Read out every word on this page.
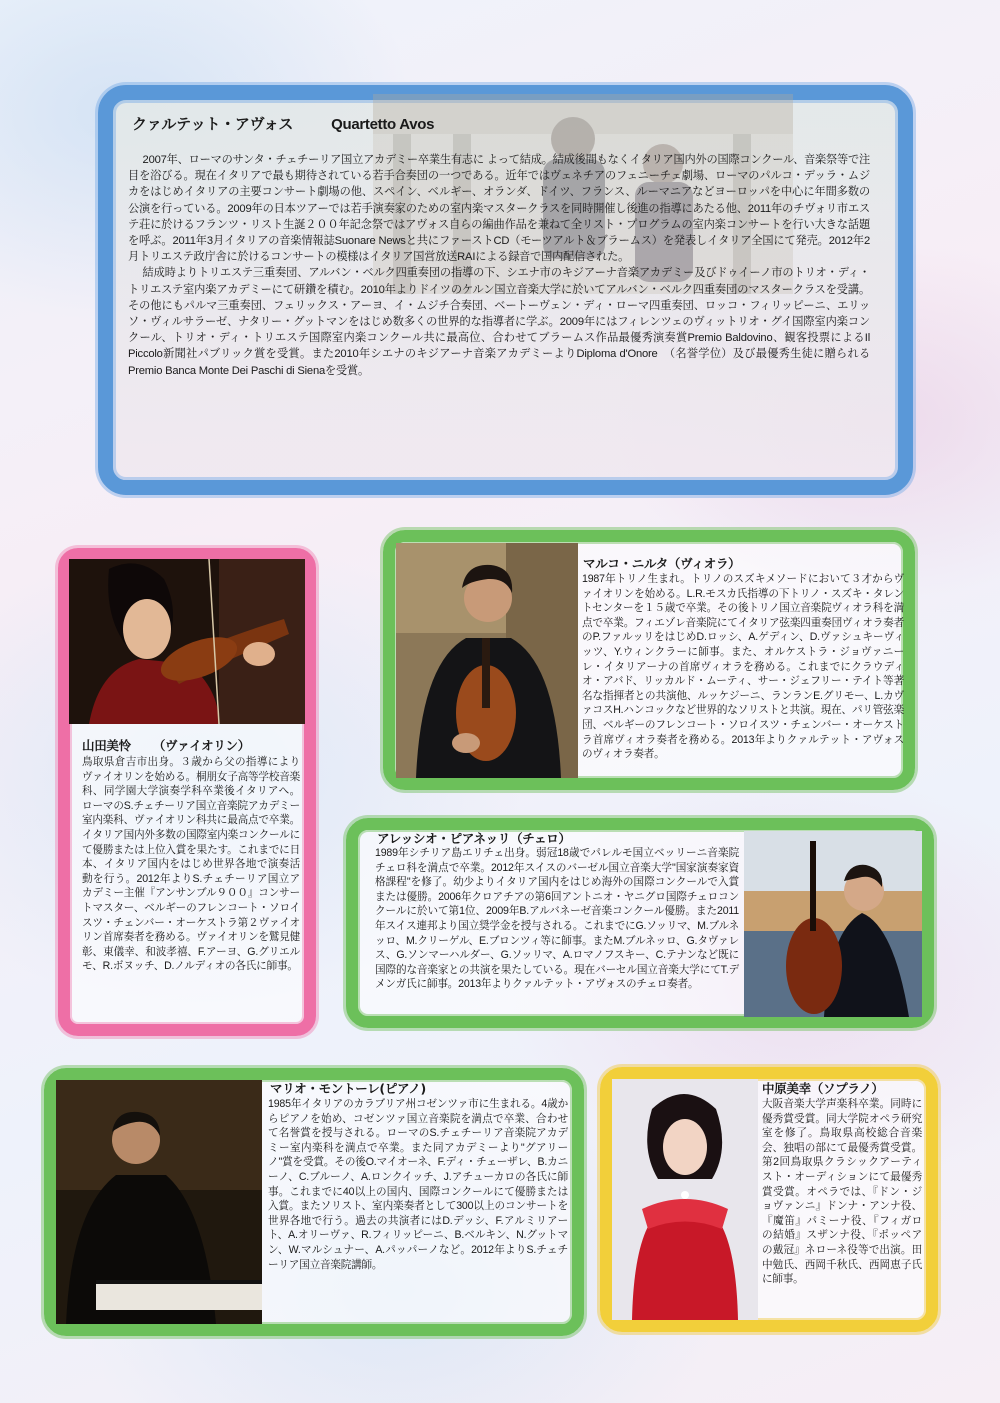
クァルテット・アヴォス	Quartetto Avos

2007年、ローマのサンタ・チェチーリア国立アカデミー卒業生有志に よって結成。結成後間もなくイタリア国内外の国際コンクール、音楽祭等で注目を浴びる。現在イタリアで最も期待されている若手合奏団の一つである。近年ではヴェネチアのフェニーチェ劇場、ローマのパルコ・デッラ・ムジカをはじめイタリアの主要コンサート劇場の他、スペイン、ベルギー、オランダ、ドイツ、フランス、ルーマニアなどヨーロッパを中心に年間多数の公演を行っている。2009年の日本ツアーでは若手演奏家のための室内楽マスタークラスを同時開催し後進の指導にあたる他、2011年のチヴォリ市エステ荘に於けるフランツ・リスト生誕２００年記念祭ではアヴォス自らの編曲作品を兼ねて全リスト・プログラムの室内楽コンサートを行い大きな話題を呼ぶ。2011年3月イタリアの音楽情報誌Suonare Newsと共にファーストCD（モーツアルト＆ブラームス）を発表しイタリア全国にて発売。2012年2月トリエステ政庁舎に於けるコンサートの模様はイタリア国営放送RAIによる録音で国内配信された。

結成時よりトリエステ三重奏団、アルバン・ベルク四重奏団の指導の下、シエナ市のキジアーナ音楽アカデミー及びドゥイーノ市のトリオ・ディ・トリエステ室内楽アカデミーにて研鑽を積む。2010年よりドイツのケルン国立音楽大学に於いてアルバン・ベルク四重奏団のマスタークラスを受講。その他にもパルマ三重奏団、フェリックス・アーヨ、イ・ムジチ合奏団、ベートーヴェン・ディ・ローマ四重奏団、ロッコ・フィリッピーニ、エリッソ・ヴィルサラーゼ、ナタリー・グットマンをはじめ数多くの世界的な指導者に学ぶ。2009年にはフィレンツェのヴィットリオ・グイ国際室内楽コンクール、トリオ・ディ・トリエステ国際室内楽コンクール共に最高位、合わせてブラームス作品最優秀演奏賞Premio Baldovino、観客投票によるIl Piccolo新聞社パブリック賞を受賞。また2010年シエナのキジアーナ音楽アカデミーよりDiploma d'Onore　（名誉学位）及び最優秀生徒に贈られるPremio Banca Monte Dei Paschi di Sienaを受賞。

山田美怜 （ヴァイオリン）
鳥取県倉吉市出身。３歳から父の指導によりヴァイオリンを始める。桐朋女子高等学校音楽科、同学園大学演奏学科卒業後イタリアへ。ローマのS.チェチーリア国立音楽院アカデミー室内楽科、ヴァイオリン科共に最高点で卒業。イタリア国内外多数の国際室内楽コンクールにて優勝または上位入賞を果たす。これまでに日本、イタリア国内をはじめ世界各地で演奏活動を行う。2012年よりS.チェチーリア国立アカデミー主催『アンサンブル９００』コンサートマスター、ベルギーのフレンコート・ソロイスツ・チェンバー・オーケストラ第２ヴァイオリン首席奏者を務める。ヴァイオリンを鷲見健彰、東儀幸、和波孝禧、F.アーヨ、G.グリエルモ、R.ボヌッチ、D.ノルディオの各氏に師事。
マルコ・ニルタ（ヴィオラ）
1987年トリノ生まれ。トリノのスズキメソードにおいて３才からヴァイオリンを始める。L.R.モスカ氏指導の下トリノ・スズキ・タレントセンターを１５歳で卒業。その後トリノ国立音楽院ヴィオラ科を満点で卒業。フィエゾレ音楽院にてイタリア弦楽四重奏団ヴィオラ奏者のP.ファルッリをはじめD.ロッシ、A.ゲディン、D.ヴァシュキーヴィッツ、Y.ウィンクラーに師事。また、オルケストラ・ジョヴァニーレ・イタリアーナの首席ヴィオラを務める。これまでにクラウディオ・アバド、リッカルド・ムーティ、サー・ジェフリー・テイト等著名な指揮者との共演他、ルッケジーニ、ランランE.グリモー、L.カヴァコスH.ハンコックなど世界的なソリストと共演。現在、パリ管弦楽団、ベルギーのフレンコート・ソロイスツ・チェンバー・オーケストラ首席ヴィオラ奏者を務める。2013年よりクァルテット・アヴォスのヴィオラ奏者。
アレッシオ・ピアネッリ（チェロ）
1989年シチリア島エリチェ出身。弱冠18歳でパレルモ国立ベッリーニ音楽院チェロ科を満点で卒業。2012年スイスのバーゼル国立音楽大学"国家演奏家資格課程"を修了。幼少よりイタリア国内をはじめ海外の国際コンクールで入賞または優勝。2006年クロアチアの第6回アントニオ・ヤニグロ国際チェロコンクールに於いて第1位、2009年B.アルバネーゼ音楽コンクール優勝。また2011年スイス連邦より国立奨学金を授与される。これまでにG.ソッリマ、M.ブルネッロ、M.クリーゲル、E.ブロンツィ等に師事。またM.ブルネッロ、G.タヴァレス、G.ソンマーハルダー、G.ソッリマ、A.ロマノフスキー、C.テナンなど既に国際的な音楽家との共演を果たしている。現在バーセル国立音楽大学にてT.デメンガ氏に師事。2013年よりクァルテット・アヴォスのチェロ奏者。
マリオ・モントーレ(ピアノ)
1985年イタリアのカラブリア州コゼンツァ市に生まれる。4歳からピアノを始め、コゼンツァ国立音楽院を満点で卒業、合わせて名誉賞を授与される。ローマのS.チェチーリア音楽院アカデミー室内楽科を満点で卒業。また同アカデミーより"グアリーノ"賞を受賞。その後O.マイオーネ、F.ディ・チェーザレ、B.カニーノ、C.ブルーノ、A.ロンクイッチ、J.アチューカロの各氏に師事。これまでに40以上の国内、国際コンクールにて優勝または入賞。またソリスト、室内楽奏者として300以上のコンサートを世界各地で行う。過去の共演者にはD.デッシ、F.アルミリアート、A.オリーヴァ、R.フィリッピーニ、B.ベルキン、N.グットマン、W.マルシュナー、A.パッパーノなど。2012年よりS.チェチーリア国立音楽院講師。
中原美幸（ソプラノ）
大阪音楽大学声楽科卒業。同時に優秀賞受賞。同大学院オペラ研究室を修了。鳥取県高校総合音楽会、独唱の部にて最優秀賞受賞。第2回鳥取県クラシックアーティスト・オーディションにて最優秀賞受賞。オペラでは、『ドン・ジョヴァンニ』ドンナ・アンナ役、『魔笛』パミーナ役、『フィガロの結婚』スザンナ役、『ポッペアの戴冠』ネローネ役等で出演。田中勉氏、西岡千秋氏、西岡恵子氏に師事。
